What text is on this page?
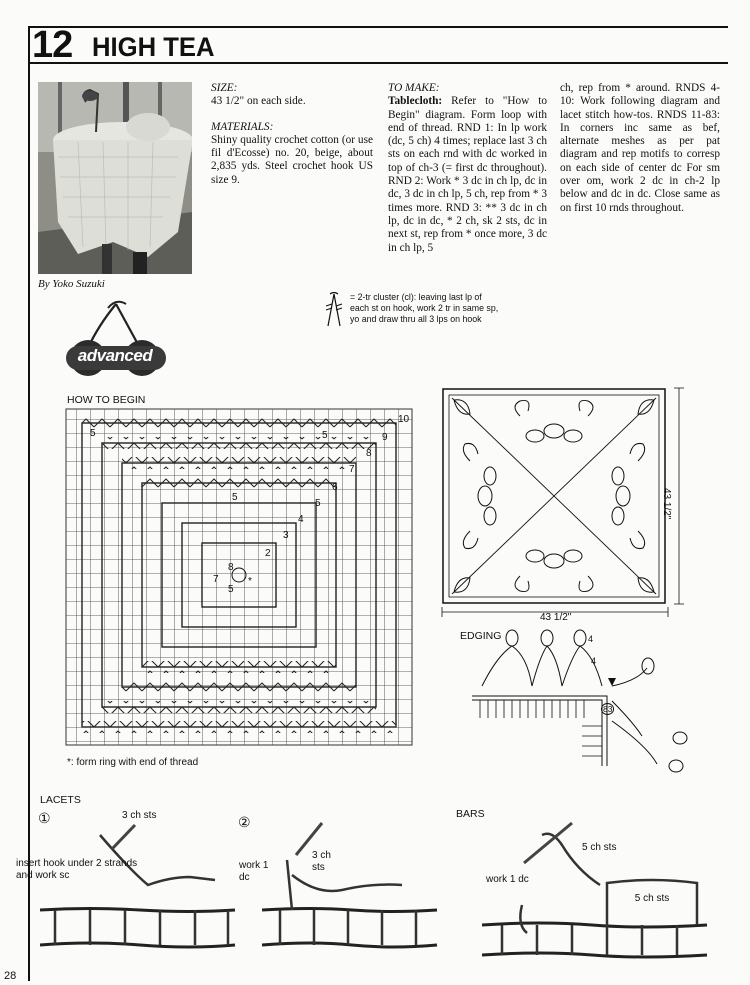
12 HIGH TEA
By Yoko Suzuki
advanced
SIZE:
43 1/2" on each side.
MATERIALS:
Shiny quality crochet cotton (or use fil d'Ecosse) no. 20, beige, about 2,835 yds. Steel crochet hook US size 9.
TO MAKE:
Tablecloth: Refer to "How to Begin" diagram. Form loop with end of thread. RND 1: In lp work (dc, 5 ch) 4 times; replace last 3 ch sts on each rnd with dc worked in top of ch-3 (= first dc throughout). RND 2: Work * 3 dc in ch lp, dc in dc, 3 dc in ch lp, 5 ch, rep from * 3 times more. RND 3: ** 3 dc in ch lp, dc in dc, * 2 ch, sk 2 sts, dc in next st, rep from * once more, 3 dc in ch lp, 5
ch, rep from * around. RNDS 4-10: Work following diagram and lacet stitch how-tos. RNDS 11-83: In corners inc same as bef, alternate meshes as per pat diagram and rep motifs to corresp on each side of center dc For sm over om, work 2 dc in ch-2 lp below and dc in dc. Close same as on first 10 rnds throughout.
= 2-tr cluster (cl): leaving last lp of each st on hook, work 2 tr in same sp, yo and draw thru all 3 lps on hook
HOW TO BEGIN
8
5
7	*
2
3
4
5
6
7
8
9
10
5	5
5
*: form ring with end of thread
43 1/2"
43 1/2"
EDGING	4
4
83
LACETS
①	3 ch sts
insert hook under 2 strands and work sc
②
work 1 dc
3 ch sts
BARS
5 ch sts
work 1 dc
5 ch sts
28
